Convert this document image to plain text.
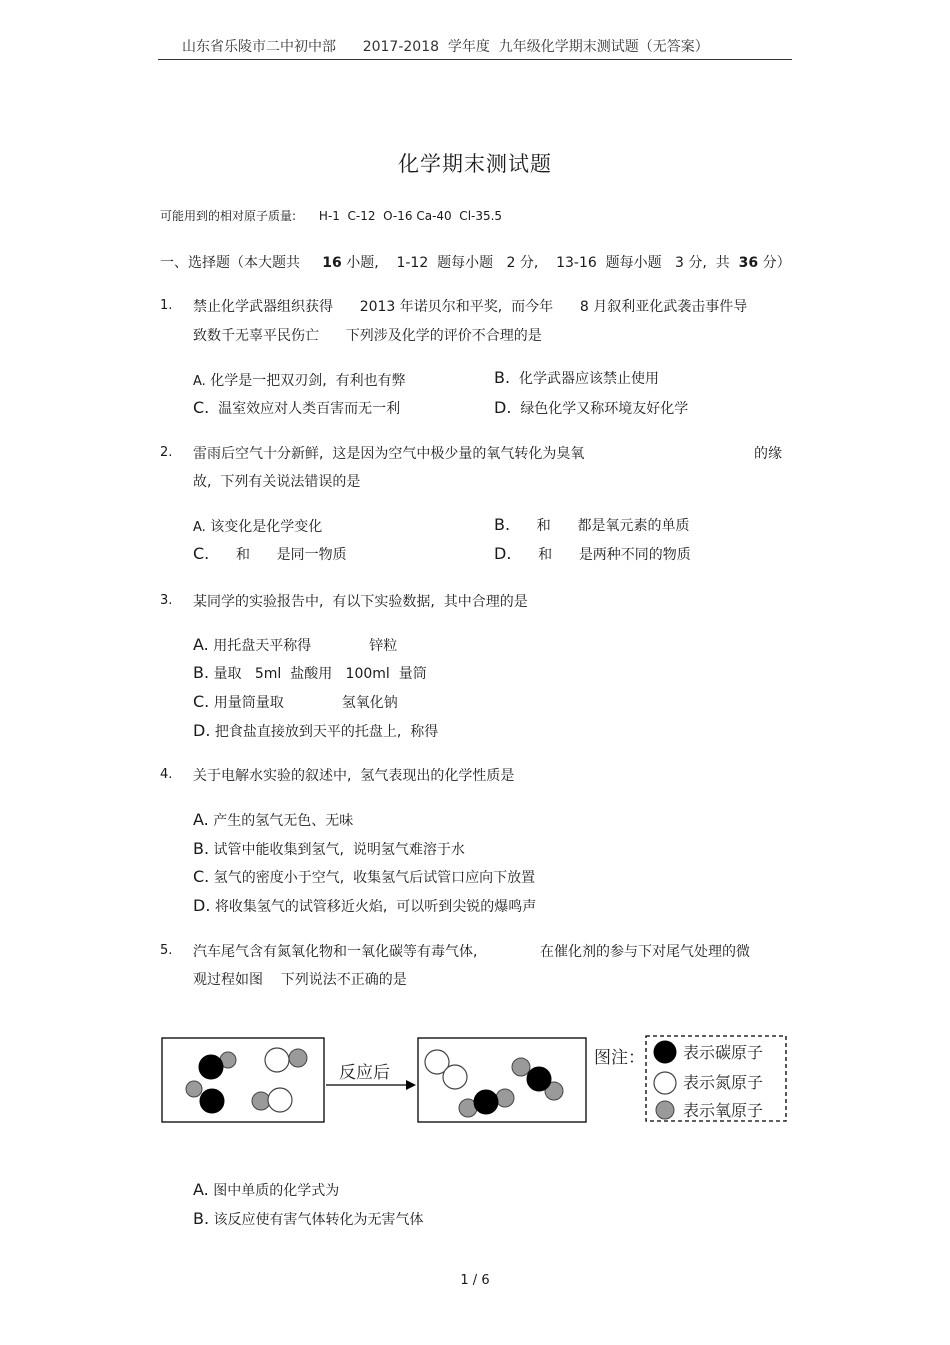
山东省乐陵市二中初中部      2017-2018  学年度  九年级化学期末测试题（无答案）
化学期末测试题
可能用到的相对原子质量:      H-1  C-12  O-16 Ca-40  Cl-35.5
一、选择题（本大题共 16 小题,    1-12  题每小题   2 分,    13-16  题每小题   3 分,  共 36 分）
1. 禁止化学武器组织获得      2013 年诺贝尔和平奖,  而今年      8 月叙利亚化武袭击事件导
致数千无辜平民伤亡      下列涉及化学的评价不合理的是
A. 化学是一把双刃剑,  有利也有弊	B. 化学武器应该禁止使用
C. 温室效应对人类百害而无一利	D. 绿色化学又称环境友好化学
2. 雷雨后空气十分新鲜,  这是因为空气中极少量的氧气转化为臭氧	的缘
故,  下列有关说法错误的是
A. 该变化是化学变化	B. 和 都是氧元素的单质
C. 和 是同一物质	D. 和 是两种不同的物质
3. 某同学的实验报告中,  有以下实验数据,  其中合理的是
A. 用托盘天平称得	锌粒
B. 量取   5ml  盐酸用   100ml  量筒
C. 用量筒量取	氢氧化钠
D. 把食盐直接放到天平的托盘上,  称得
4. 关于电解水实验的叙述中,  氢气表现出的化学性质是
A. 产生的氢气无色、无味
B. 试管中能收集到氢气,  说明氢气难溶于水
C. 氢气的密度小于空气,  收集氢气后试管口应向下放置
D. 将收集氢气的试管移近火焰,  可以听到尖锐的爆鸣声
5. 汽车尾气含有氮氧化物和一氧化碳等有毒气体,	在催化剂的参与下对尾气处理的微
观过程如图    下列说法不正确的是
反应后
图注： 表示碳原子
表示氮原子
表示氧原子
A. 图中单质的化学式为
B. 该反应使有害气体转化为无害气体
1 / 6
